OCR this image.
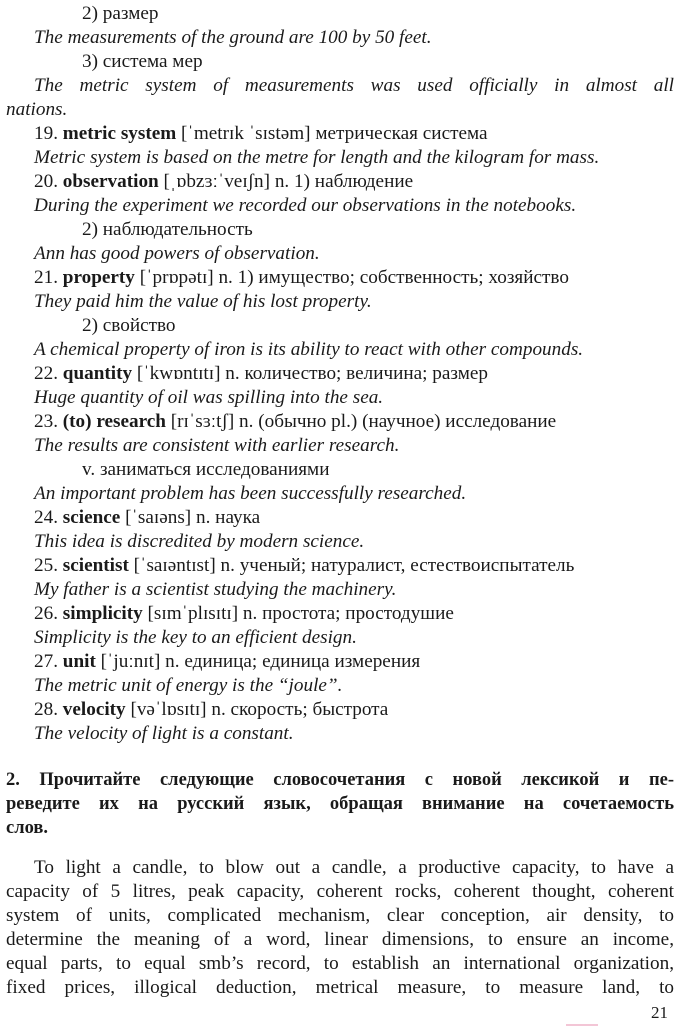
2) размер
The measurements of the ground are 100 by 50 feet.
3) система мер
The metric system of measurements was used officially in almost all
nations.
19. metric system [ˈmetrɪk ˈsɪstəm] метрическая система
Metric system is based on the metre for length and the kilogram for mass.
20. observation [ˌɒbzɜːˈveɪʃn] n. 1) наблюдение
During the experiment we recorded our observations in the notebooks.
2) наблюдательность
Ann has good powers of observation.
21. property [ˈprɒpətɪ] n. 1) имущество; собственность; хозяйство
They paid him the value of his lost property.
2) свойство
A chemical property of iron is its ability to react with other compounds.
22. quantity [ˈkwɒntɪtɪ] n. количество; величина; размер
Huge quantity of oil was spilling into the sea.
23. (to) research [rɪˈsɜːtʃ] n. (обычно pl.) (научное) исследование
The results are consistent with earlier research.
v. заниматься исследованиями
An important problem has been successfully researched.
24. science [ˈsaɪəns] n. наука
This idea is discredited by modern science.
25. scientist [ˈsaɪəntɪst] n. ученый; натуралист, естествоиспытатель
My father is a scientist studying the machinery.
26. simplicity [sɪmˈplɪsɪtɪ] n. простота; простодушие
Simplicity is the key to an efficient design.
27. unit [ˈjuːnɪt] n. единица; единица измерения
The metric unit of energy is the “joule”.
28. velocity [vəˈlɒsɪtɪ] n. скорость; быстрота
The velocity of light is a constant.
2. Прочитайте следующие словосочетания с новой лексикой и пе-
реведите их на русский язык, обращая внимание на сочетаемость
слов.
To light a candle, to blow out a candle, a productive capacity, to have a
capacity of 5 litres, peak capacity, coherent rocks, coherent thought, coherent
system of units, complicated mechanism, clear conception, air density, to
determine the meaning of a word, linear dimensions, to ensure an income,
equal parts, to equal smb’s record, to establish an international organization,
fixed prices, illogical deduction, metrical measure, to measure land, to
21
